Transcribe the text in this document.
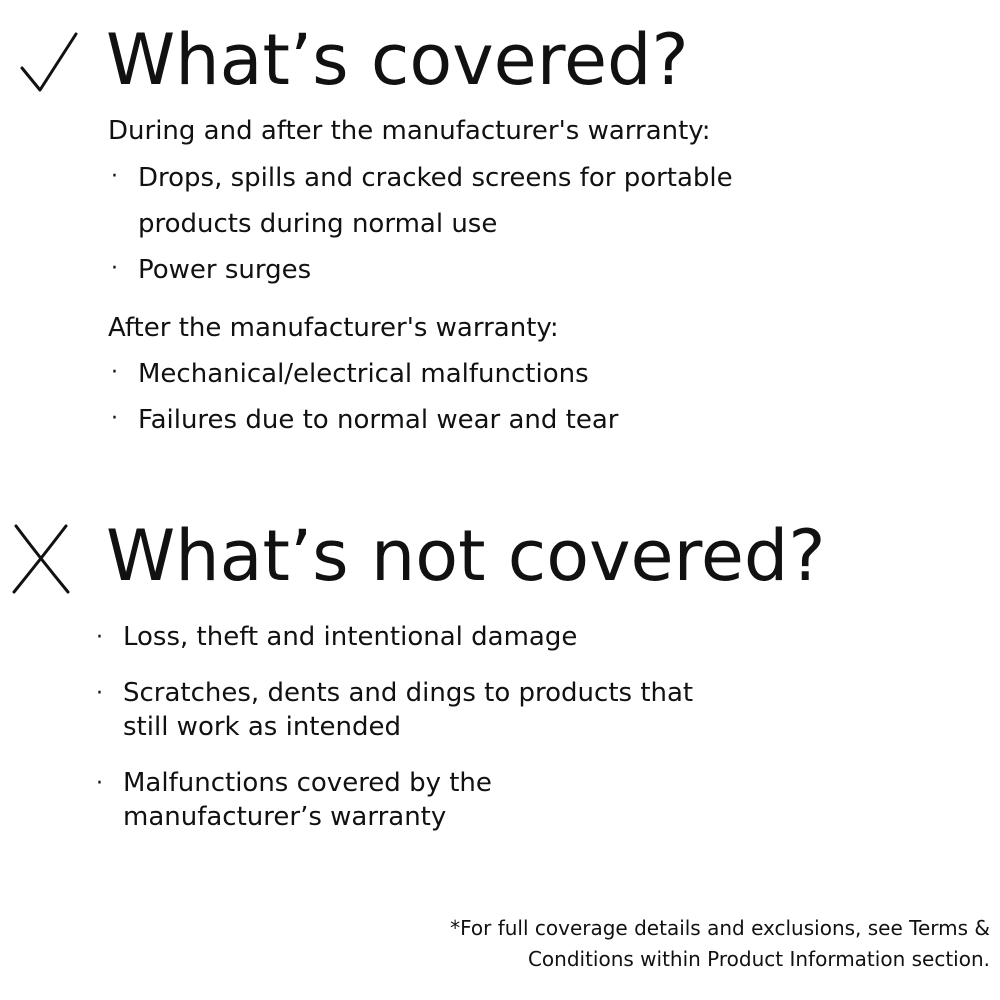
What’s covered?
During and after the manufacturer's warranty:
· Drops, spills and cracked screens for portable products during normal use
· Power surges
After the manufacturer's warranty:
· Mechanical/electrical malfunctions
· Failures due to normal wear and tear
What’s not covered?
· Loss, theft and intentional damage
· Scratches, dents and dings to products that still work as intended
· Malfunctions covered by the manufacturer’s warranty
*For full coverage details and exclusions, see Terms &
Conditions within Product Information section.
